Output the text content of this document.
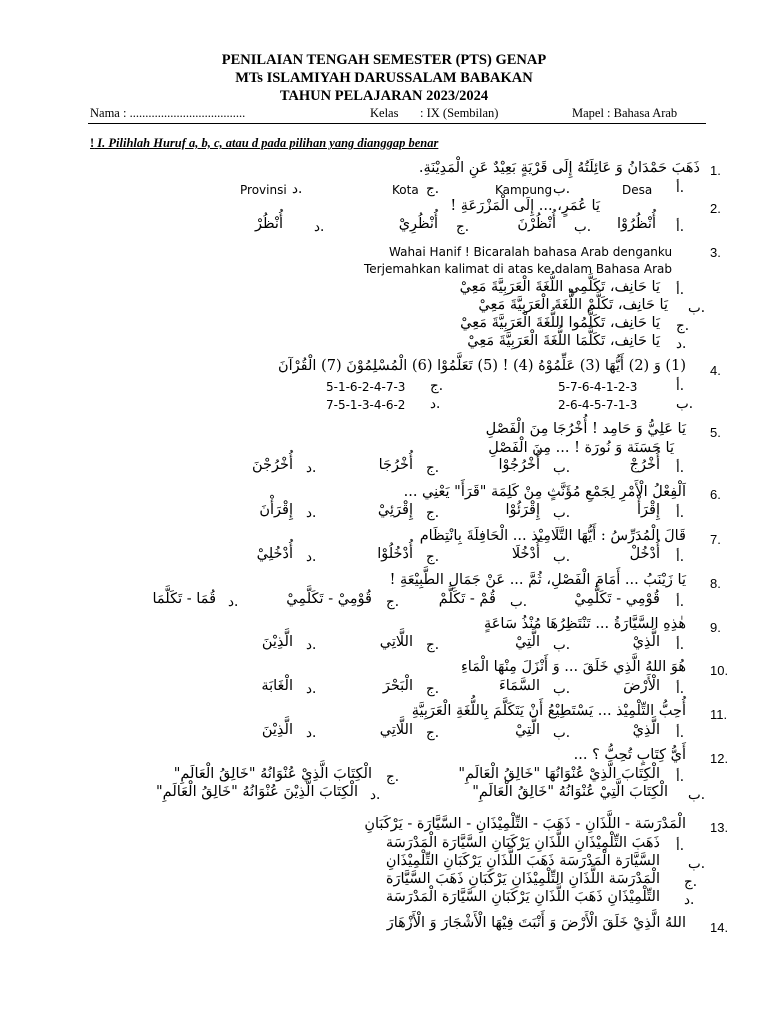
PENILAIAN TENGAH SEMESTER (PTS) GENAP
MTs ISLAMIYAH DARUSSALAM BABAKAN
TAHUN PELAJARAN 2023/2024
Nama : .....................................	Kelas : IX (Sembilan)	Mapel : Bahasa Arab
! I. Pilihlah Huruf a, b, c, atau d pada pilihan yang dianggap benar
1.
ذَهَبَ حَمْدَانُ وَ عَائِلَتُهُ إِلَى قَرْيَةٍ بَعِيْدٌ عَنِ الْمَدِيْنَةِ.
أ.
Desa
Kampung ب.
Kota ج.
Provinsi د.
2.
يَا عُمَرٍ، ... إِلَى الْمَزْرَعَةِ !
أ.
أُنْظُرُوْا
ب.
أُنْظُرْنَ
ج.
أُنْظُرِيْ
د.
أُنْظُرْ
3.
Wahai Hanif ! Bicaralah bahasa Arab denganku
Terjemahkan kalimat di atas ke dalam Bahasa Arab
أ.
يَا حَانِف، تَكَلَّمِي اللُّغَةَ الْعَرَبِيَّةَ مَعِيْ
ب.
يَا حَانِف، تَكَلَّمْ اللُّغَةَ الْعَرَبِيَّةَ مَعِيْ
ج.
يَا حَانِف، تَكَلَّمُوا اللُّغَةَ الْعَرَبِيَّةَ مَعِيْ
د.
يَا حَانِف، تَكَلَّمَا اللُّغَةَ الْعَرَبِيَّةَ مَعِيْ
4.
(1) وَ (2) أَيُّهَا (3) عَلِّمُوْهُ (4) ! (5) تَعَلَّمُوْا (6) الْمُسْلِمُوْنَ (7) الْقُرْآنَ
أ.
5-7-6-4-1-2-3
ب.
2-6-4-5-7-1-3
5-1-6-2-4-7-3 ج.
7-5-1-3-4-6-2 د.
5.
يَا عَلِيُّ وَ حَامِد ! أُخْرُجَا مِنَ الْفَصْلِ
يَا حَسَنَة وَ نُورَة ! ... مِنَ الْفَصْلِ
أ.
أُخْرُجْ
ب.
أُخْرُجُوْا
ج.
أُخْرُجَا
د.
أُخْرُجْنَ
6.
اَلْفِعْلُ الْأَمْرِ لِجَمْعِ مُؤَنَّثٍ مِنْ كَلِمَة "قَرَأَ" يَعْنِي ...
أ.
إِقْرَأْ
ب.
إِقْرَئُوْا
ج.
إِقْرَئِيْ
د.
إِقْرَأْنَ
7.
قَالَ الْمُدَرِّسُ : أَيُّهَا التَّلَامِيْذ ... الْحَافِلَةَ بِانْتِظَام
أ.
أُدْخُلْ
ب.
أُدْخُلَا
ج.
أُدْخُلُوْا
د.
أُدْخُلِيْ
8.
يَا زَيْنَبُ ... أَمَامَ الْفَصْلِ، ثُمَّ ... عَنْ جَمَالِ الطَّبِيْعَةِ !
أ.
قُوْمِي - تَكَلَّمِيْ
ب.
قُمْ - تَكَلَّمْ
ج.
قُوْمِيْ - تَكَلَّمِيْ
د.
قُمَا - تَكَلَّمَا
9.
هٰذِهِ السَّيَّارَةُ ... تَنْتَظِرُهَا مُنْذُ سَاعَةٍ
أ.
الَّذِيْ
ب.
الَّتِيْ
ج.
اللَّاتِي
د.
الَّذِيْنَ
10.
هُوَ اللهُ الَّذِي خَلَقَ ... وَ أَنْزَلَ مِنْهَا الْمَاءِ
أ.
الْأَرْضَ
ب.
السَّمَاءَ
ج.
الْبَحْرَ
د.
الْغَابَة
11.
أُحِبُّ التِّلْمِيْذ ... يَسْتَطِيْعُ أَنْ يَتَكَلَّمَ بِاللُّغَةِ الْعَرَبِيَّةِ
أ.
الَّذِيْ
ب.
الَّتِيْ
ج.
اللَّاتِي
د.
الَّذِيْنَ
12.
أَيُّ كِتَابٍ تُحِبُّ ؟ ...
أ.
الْكِتَابَ الَّذِيْ عُنْوَانُهَا "خَالِقُ الْعَالَمِ"
ب.
الْكِتَابَ الَّتِيْ عُنْوَانُهُ "خَالِقُ الْعَالَمِ"
ج.
الْكِتَابَ الَّذِيْ عُنْوَانُهُ "خَالِقُ الْعَالَمِ"
د.
الْكِتَابَ الَّذِيْنَ عُنْوَانُهُ "خَالِقُ الْعَالَمِ"
13.
الْمَدْرَسَة - اللَّذَانِ - ذَهَبَ - التِّلْمِيْذَانِ - السَّيَّارَة - يَرْكَبَانِ
أ.
ذَهَبَ التِّلْمِيْذَانِ اللَّذَانِ يَرْكَبَانِ السَّيَّارَة الْمَدْرَسَة
ب.
السَّيَّارَة الْمَدْرَسَة ذَهَبَ اللَّذَانِ يَرْكَبَانِ التِّلْمِيْذَانِ
ج.
الْمَدْرَسَة اللَّذَانِ التِّلْمِيْذَانِ يَرْكَبَانِ ذَهَبَ السَّيَّارَة
د.
التِّلْمِيْذَانِ ذَهَبَ اللَّذَانِ يَرْكَبَانِ السَّيَّارَة الْمَدْرَسَة
14.
اللهُ الَّذِيْ خَلَقَ الْأَرْضَ وَ أَنْبَتَ فِيْهَا الْأَشْجَارَ وَ الْأَزْهَارَ
